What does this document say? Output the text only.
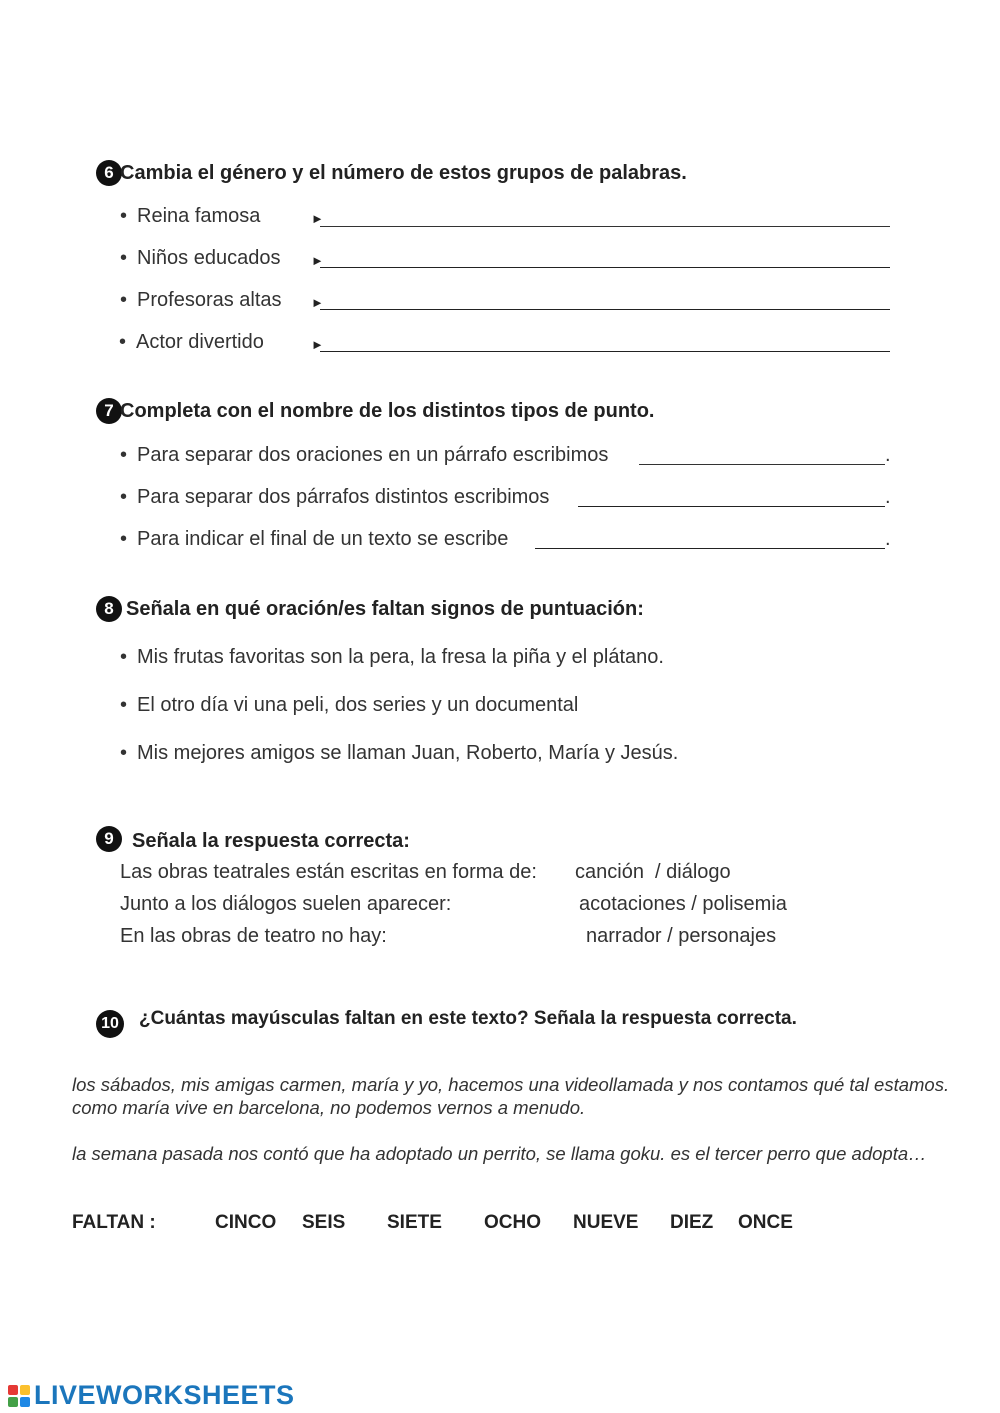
6 Cambia el género y el número de estos grupos de palabras.
• Reina famosa	►
• Niños educados ►
• Profesoras altas ►
• Actor divertido	►
7 Completa con el nombre de los distintos tipos de punto.
• Para separar dos oraciones en un párrafo escribimos	.
• Para separar dos párrafos distintos escribimos	.
• Para indicar el final de un texto se escribe	.
8 Señala en qué oración/es faltan signos de puntuación:
• Mis frutas favoritas son la pera, la fresa la piña y el plátano.
• El otro día vi una peli, dos series y un documental
• Mis mejores amigos se llaman Juan, Roberto, María y Jesús.
9 Señala la respuesta correcta:
Las obras teatrales están escritas en forma de: canción  / diálogo
Junto a los diálogos suelen aparecer:	acotaciones / polisemia
En las obras de teatro no hay:	narrador / personajes
10 ¿Cuántas mayúsculas faltan en este texto? Señala la respuesta correcta.
los sábados, mis amigas carmen, maría y yo, hacemos una videollamada y nos contamos qué tal estamos. como maría vive en barcelona, no podemos vernos a menudo.
la semana pasada nos contó que ha adoptado un perrito, se llama goku. es el tercer perro que adopta…
FALTAN :	CINCO SEIS SIETE OCHO NUEVE DIEZ ONCE
LIVEWORKSHEETS
